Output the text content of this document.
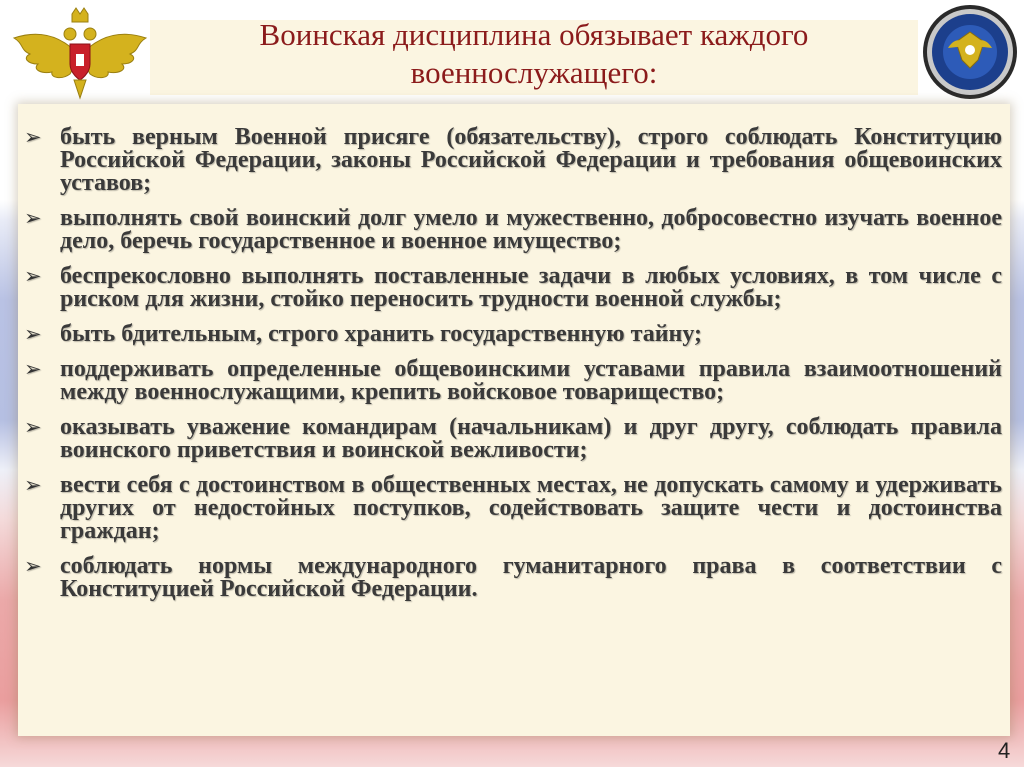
Воинская дисциплина обязывает каждого военнослужащего:
➢ быть верным Военной присяге (обязательству), строго соблюдать Конституцию Российской Федерации, законы Российской Федерации и требования общевоинских уставов;
➢ выполнять свой воинский долг умело и мужественно, добросовестно изучать военное дело, беречь государственное и военное имущество;
➢ беспрекословно выполнять поставленные задачи в любых условиях, в том числе с риском для жизни, стойко переносить трудности военной службы;
➢ быть бдительным, строго хранить государственную тайну;
➢ поддерживать определенные общевоинскими уставами правила взаимоотношений между военнослужащими, крепить войсковое товарищество;
➢ оказывать уважение командирам (начальникам) и друг другу, соблюдать правила воинского приветствия и воинской вежливости;
➢ вести себя с достоинством в общественных местах, не допускать самому и удерживать других от недостойных поступков, содействовать защите чести и достоинства граждан;
➢ соблюдать нормы международного гуманитарного права в соответствии с Конституцией Российской Федерации.
4
